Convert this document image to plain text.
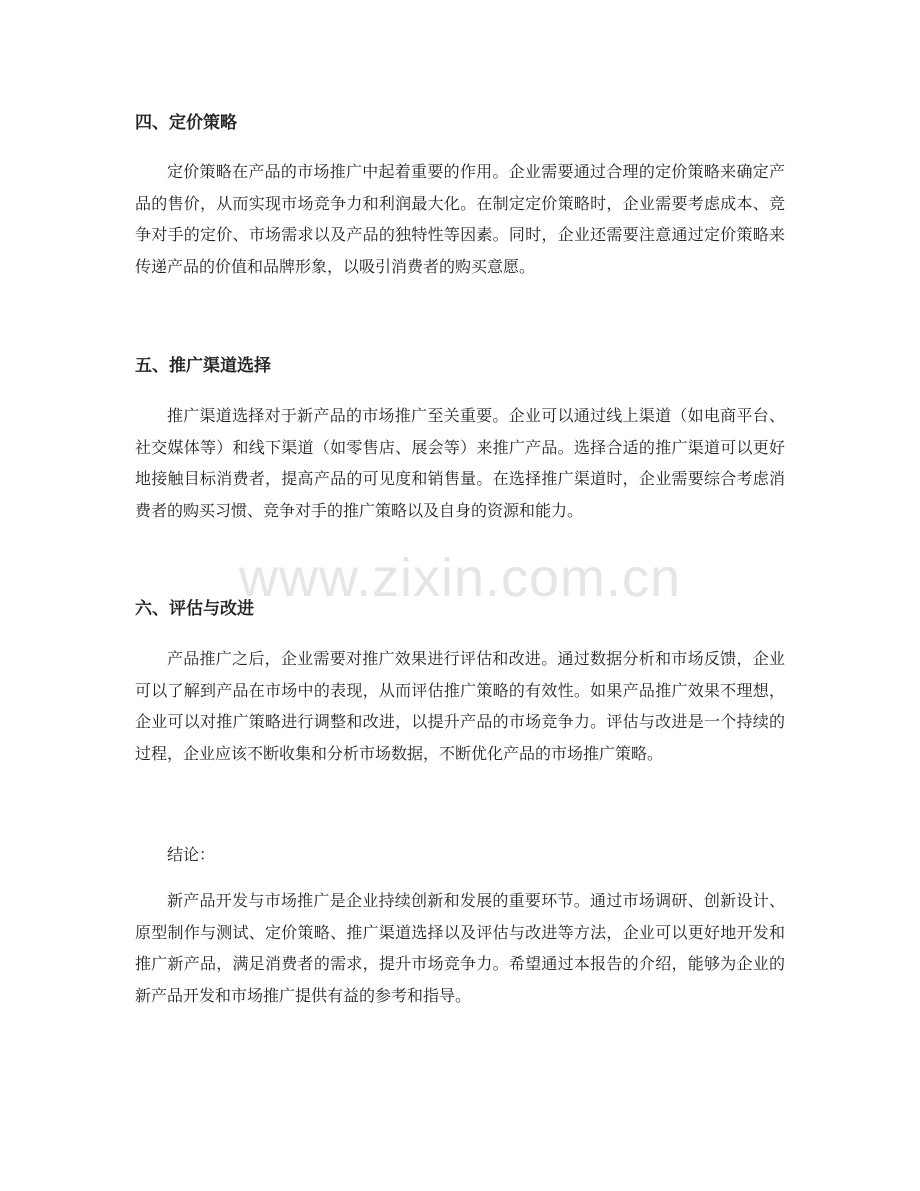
四、定价策略

定价策略在产品的市场推广中起着重要的作用。企业需要通过合理的定价策略来确定产品的售价，从而实现市场竞争力和利润最大化。在制定定价策略时，企业需要考虑成本、竞争对手的定价、市场需求以及产品的独特性等因素。同时，企业还需要注意通过定价策略来传递产品的价值和品牌形象，以吸引消费者的购买意愿。

五、推广渠道选择

推广渠道选择对于新产品的市场推广至关重要。企业可以通过线上渠道（如电商平台、社交媒体等）和线下渠道（如零售店、展会等）来推广产品。选择合适的推广渠道可以更好地接触目标消费者，提高产品的可见度和销售量。在选择推广渠道时，企业需要综合考虑消费者的购买习惯、竞争对手的推广策略以及自身的资源和能力。

六、评估与改进

产品推广之后，企业需要对推广效果进行评估和改进。通过数据分析和市场反馈，企业可以了解到产品在市场中的表现，从而评估推广策略的有效性。如果产品推广效果不理想，企业可以对推广策略进行调整和改进，以提升产品的市场竞争力。评估与改进是一个持续的过程，企业应该不断收集和分析市场数据，不断优化产品的市场推广策略。

结论：

新产品开发与市场推广是企业持续创新和发展的重要环节。通过市场调研、创新设计、原型制作与测试、定价策略、推广渠道选择以及评估与改进等方法，企业可以更好地开发和推广新产品，满足消费者的需求，提升市场竞争力。希望通过本报告的介绍，能够为企业的新产品开发和市场推广提供有益的参考和指导。

www.zixin.com.cn
